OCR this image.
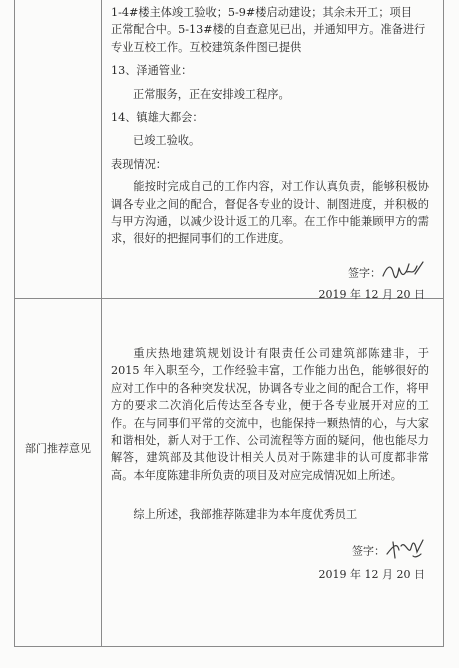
1-4#楼主体竣工验收；5-9#楼启动建设；其余未开工；项目
正常配合中。5-13#楼的自查意见已出，并通知甲方。准备进行
专业互校工作。互校建筑条件图已提供
13、泽通管业：
正常服务，正在安排竣工程序。
14、镇雄大都会：
已竣工验收。
表现情况：

能按时完成自己的工作内容，对工作认真负责，能够积极协调各专业之间的配合，督促各专业的设计、制图进度，并积极的与甲方沟通，以减少设计返工的几率。在工作中能兼顾甲方的需求，很好的把握同事们的工作进度。

签字：
2019 年 12 月 20 日
部门推荐意见

重庆热地建筑规划设计有限责任公司建筑部陈建非，于 2015 年入职至今，工作经验丰富，工作能力出色，能够很好的应对工作中的各种突发状况，协调各专业之间的配合工作，将甲方的要求二次消化后传达至各专业，便于各专业展开对应的工作。在与同事们平常的交流中，也能保持一颗热情的心，与大家和谐相处，新人对于工作、公司流程等方面的疑问，他也能尽力解答，建筑部及其他设计相关人员对于陈建非的认可度都非常高。本年度陈建非所负责的项目及对应完成情况如上所述。

综上所述，我部推荐陈建非为本年度优秀员工

签字：
2019 年 12 月 20 日
